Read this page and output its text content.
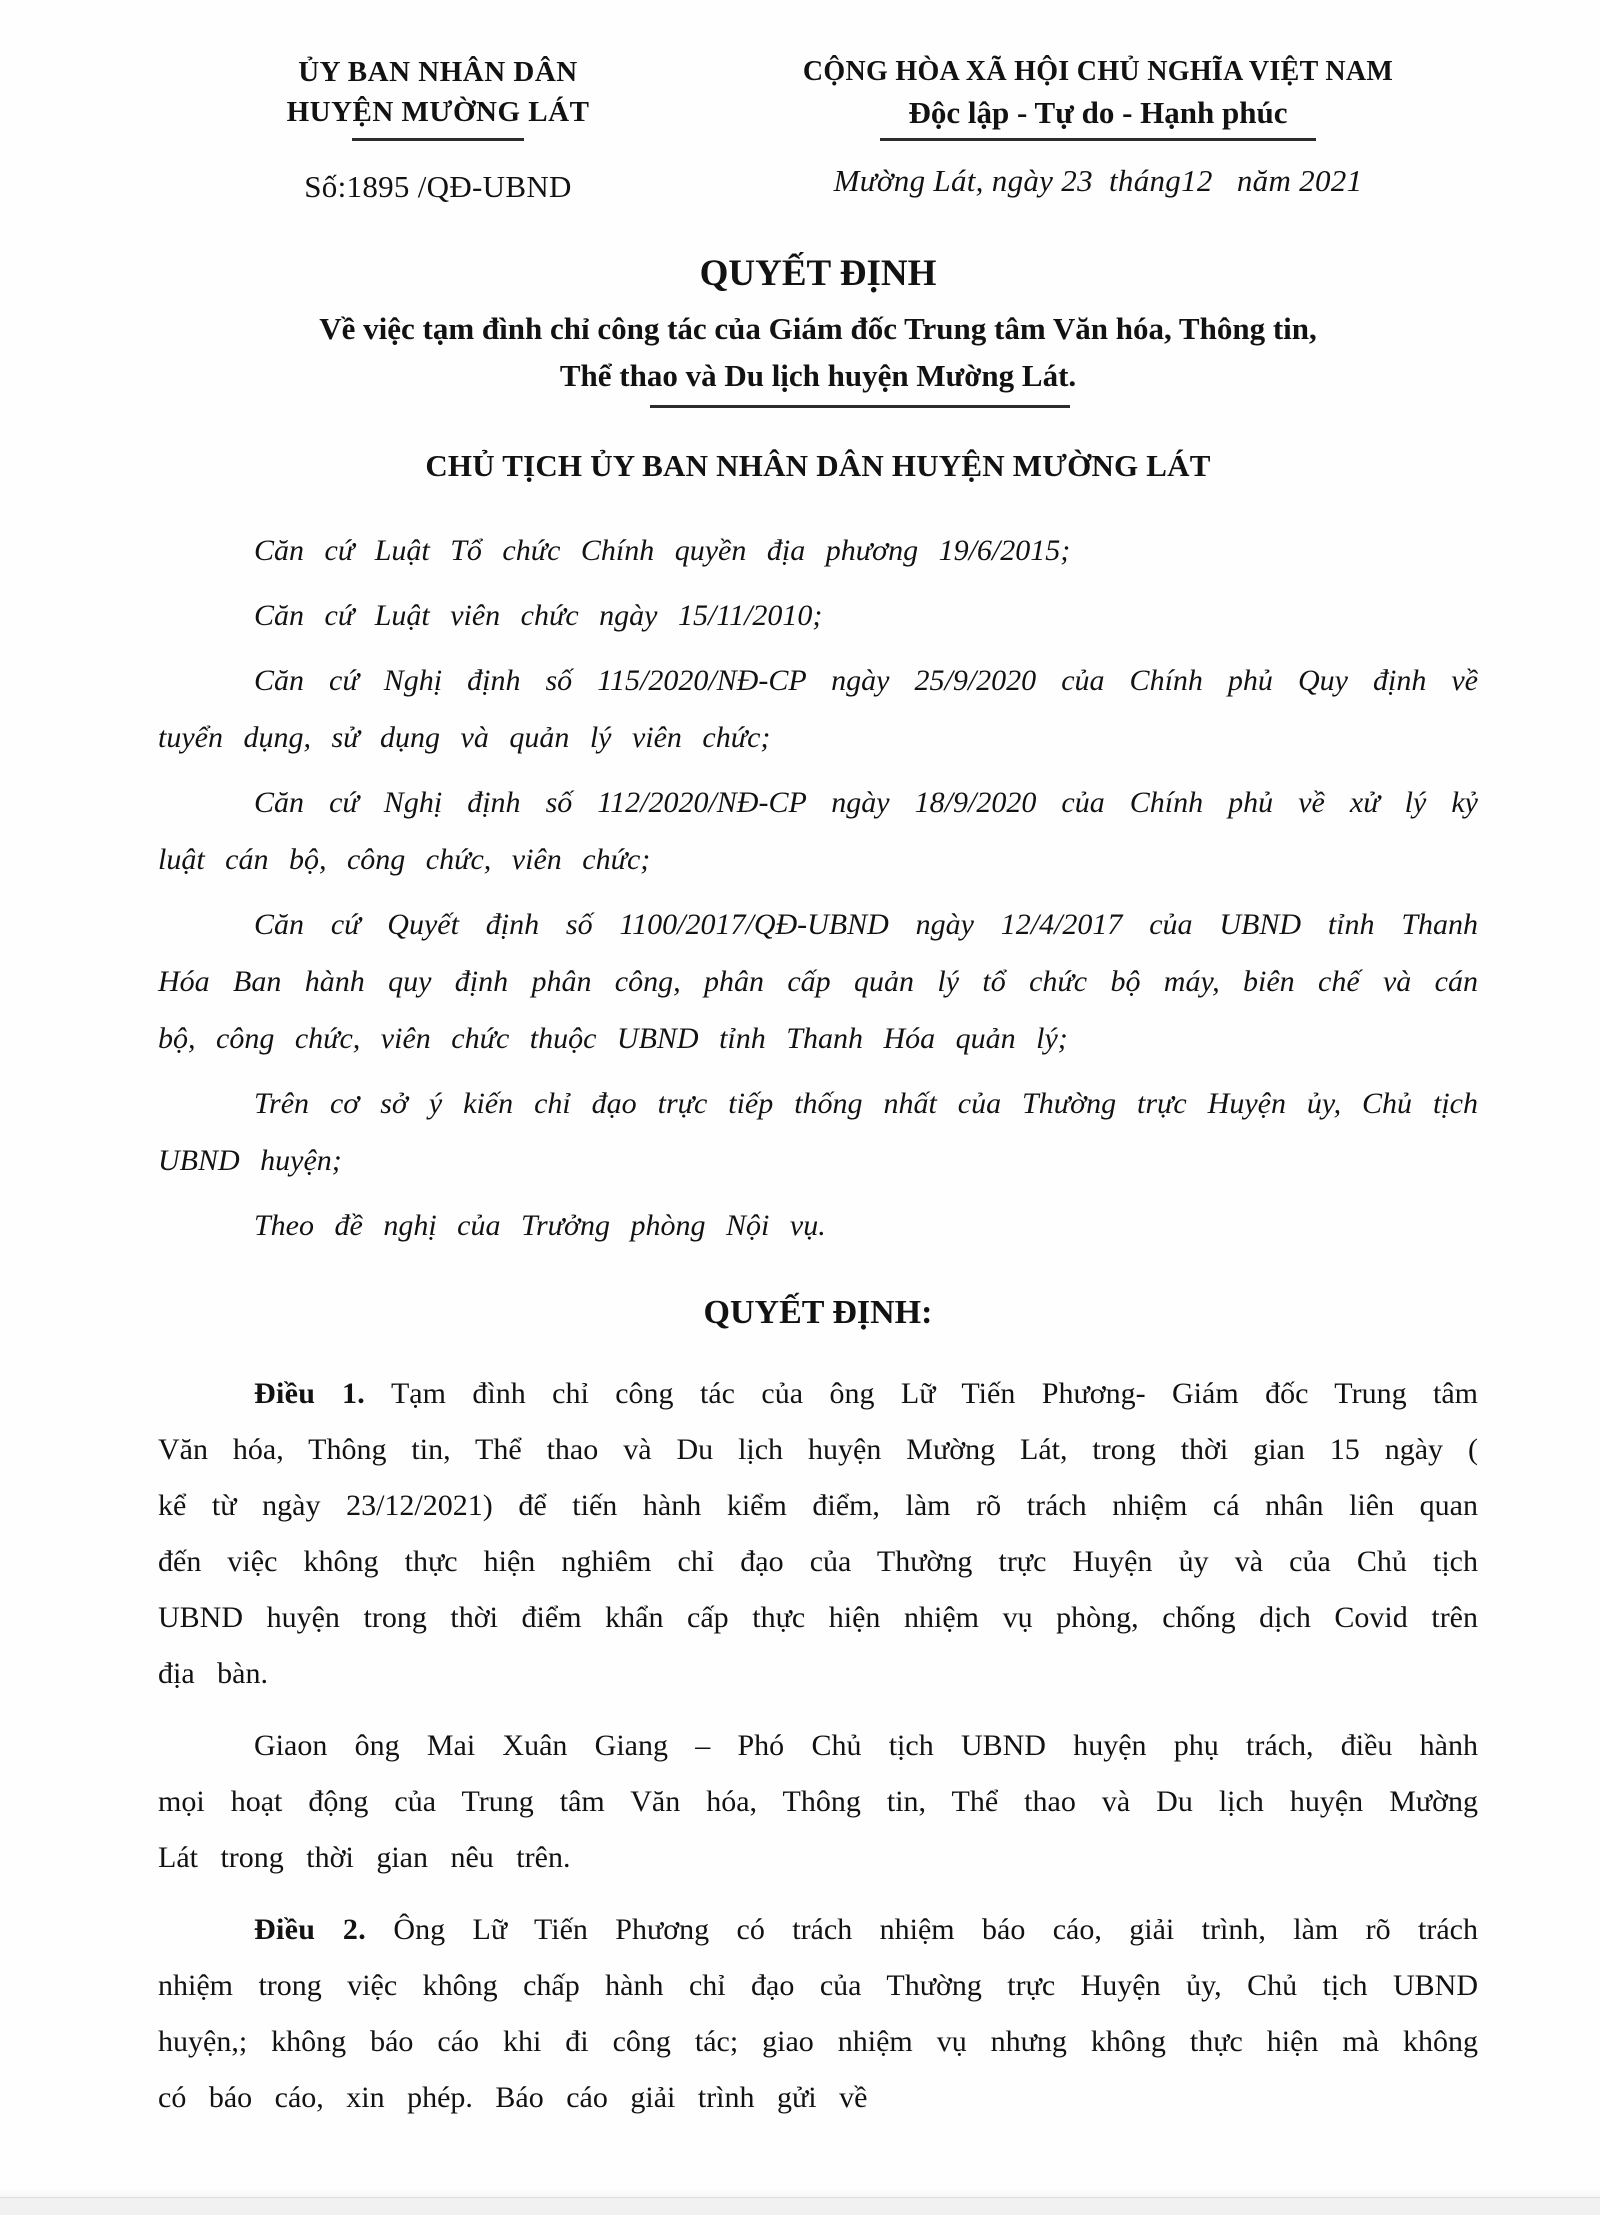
ỦY BAN NHÂN DÂN
HUYỆN MƯỜNG LÁT
Số:1895 /QĐ-UBND
CỘNG HÒA XÃ HỘI CHỦ NGHĨA VIỆT NAM
Độc lập - Tự do - Hạnh phúc
Mường Lát, ngày 23  tháng12   năm 2021
QUYẾT ĐỊNH
Về việc tạm đình chỉ công tác của Giám đốc Trung tâm Văn hóa, Thông tin,
Thể thao và Du lịch huyện Mường Lát.
CHỦ TỊCH ỦY BAN NHÂN DÂN HUYỆN MƯỜNG LÁT

Căn cứ Luật Tổ chức Chính quyền địa phương 19/6/2015;

Căn cứ Luật viên chức ngày 15/11/2010;

Căn cứ Nghị định số 115/2020/NĐ-CP ngày 25/9/2020 của Chính phủ Quy định về tuyển dụng, sử dụng và quản lý viên chức;

Căn cứ Nghị định số 112/2020/NĐ-CP ngày 18/9/2020 của Chính phủ về xử lý kỷ luật cán bộ, công chức, viên chức;

Căn cứ Quyết định số 1100/2017/QĐ-UBND ngày 12/4/2017 của UBND tỉnh Thanh Hóa Ban hành quy định phân công, phân cấp quản lý tổ chức bộ máy, biên chế và cán bộ, công chức, viên chức thuộc UBND tỉnh Thanh Hóa quản lý;

Trên cơ sở ý kiến chỉ đạo trực tiếp thống nhất của Thường trực Huyện ủy, Chủ tịch UBND huyện;

Theo đề nghị của Trưởng phòng Nội vụ.

QUYẾT ĐỊNH:

Điều 1. Tạm đình chỉ công tác của ông Lữ Tiến Phương- Giám đốc Trung tâm Văn hóa, Thông tin, Thể thao và Du lịch huyện Mường Lát, trong thời gian 15 ngày ( kể từ ngày 23/12/2021) để tiến hành kiểm điểm, làm rõ trách nhiệm cá nhân liên quan đến việc không thực hiện nghiêm chỉ đạo của Thường trực Huyện ủy và của Chủ tịch UBND huyện trong thời điểm khẩn cấp thực hiện nhiệm vụ phòng, chống dịch Covid trên địa bàn.

Giaon ông Mai Xuân Giang – Phó Chủ tịch UBND huyện phụ trách, điều hành mọi hoạt động của Trung tâm Văn hóa, Thông tin, Thể thao và Du lịch huyện Mường Lát trong thời gian nêu trên.

Điều 2. Ông Lữ Tiến Phương có trách nhiệm báo cáo, giải trình, làm rõ trách nhiệm trong việc không chấp hành chỉ đạo của Thường trực Huyện ủy, Chủ tịch UBND huyện,; không báo cáo khi đi công tác; giao nhiệm vụ nhưng không thực hiện mà không có báo cáo, xin phép. Báo cáo giải trình gửi về
